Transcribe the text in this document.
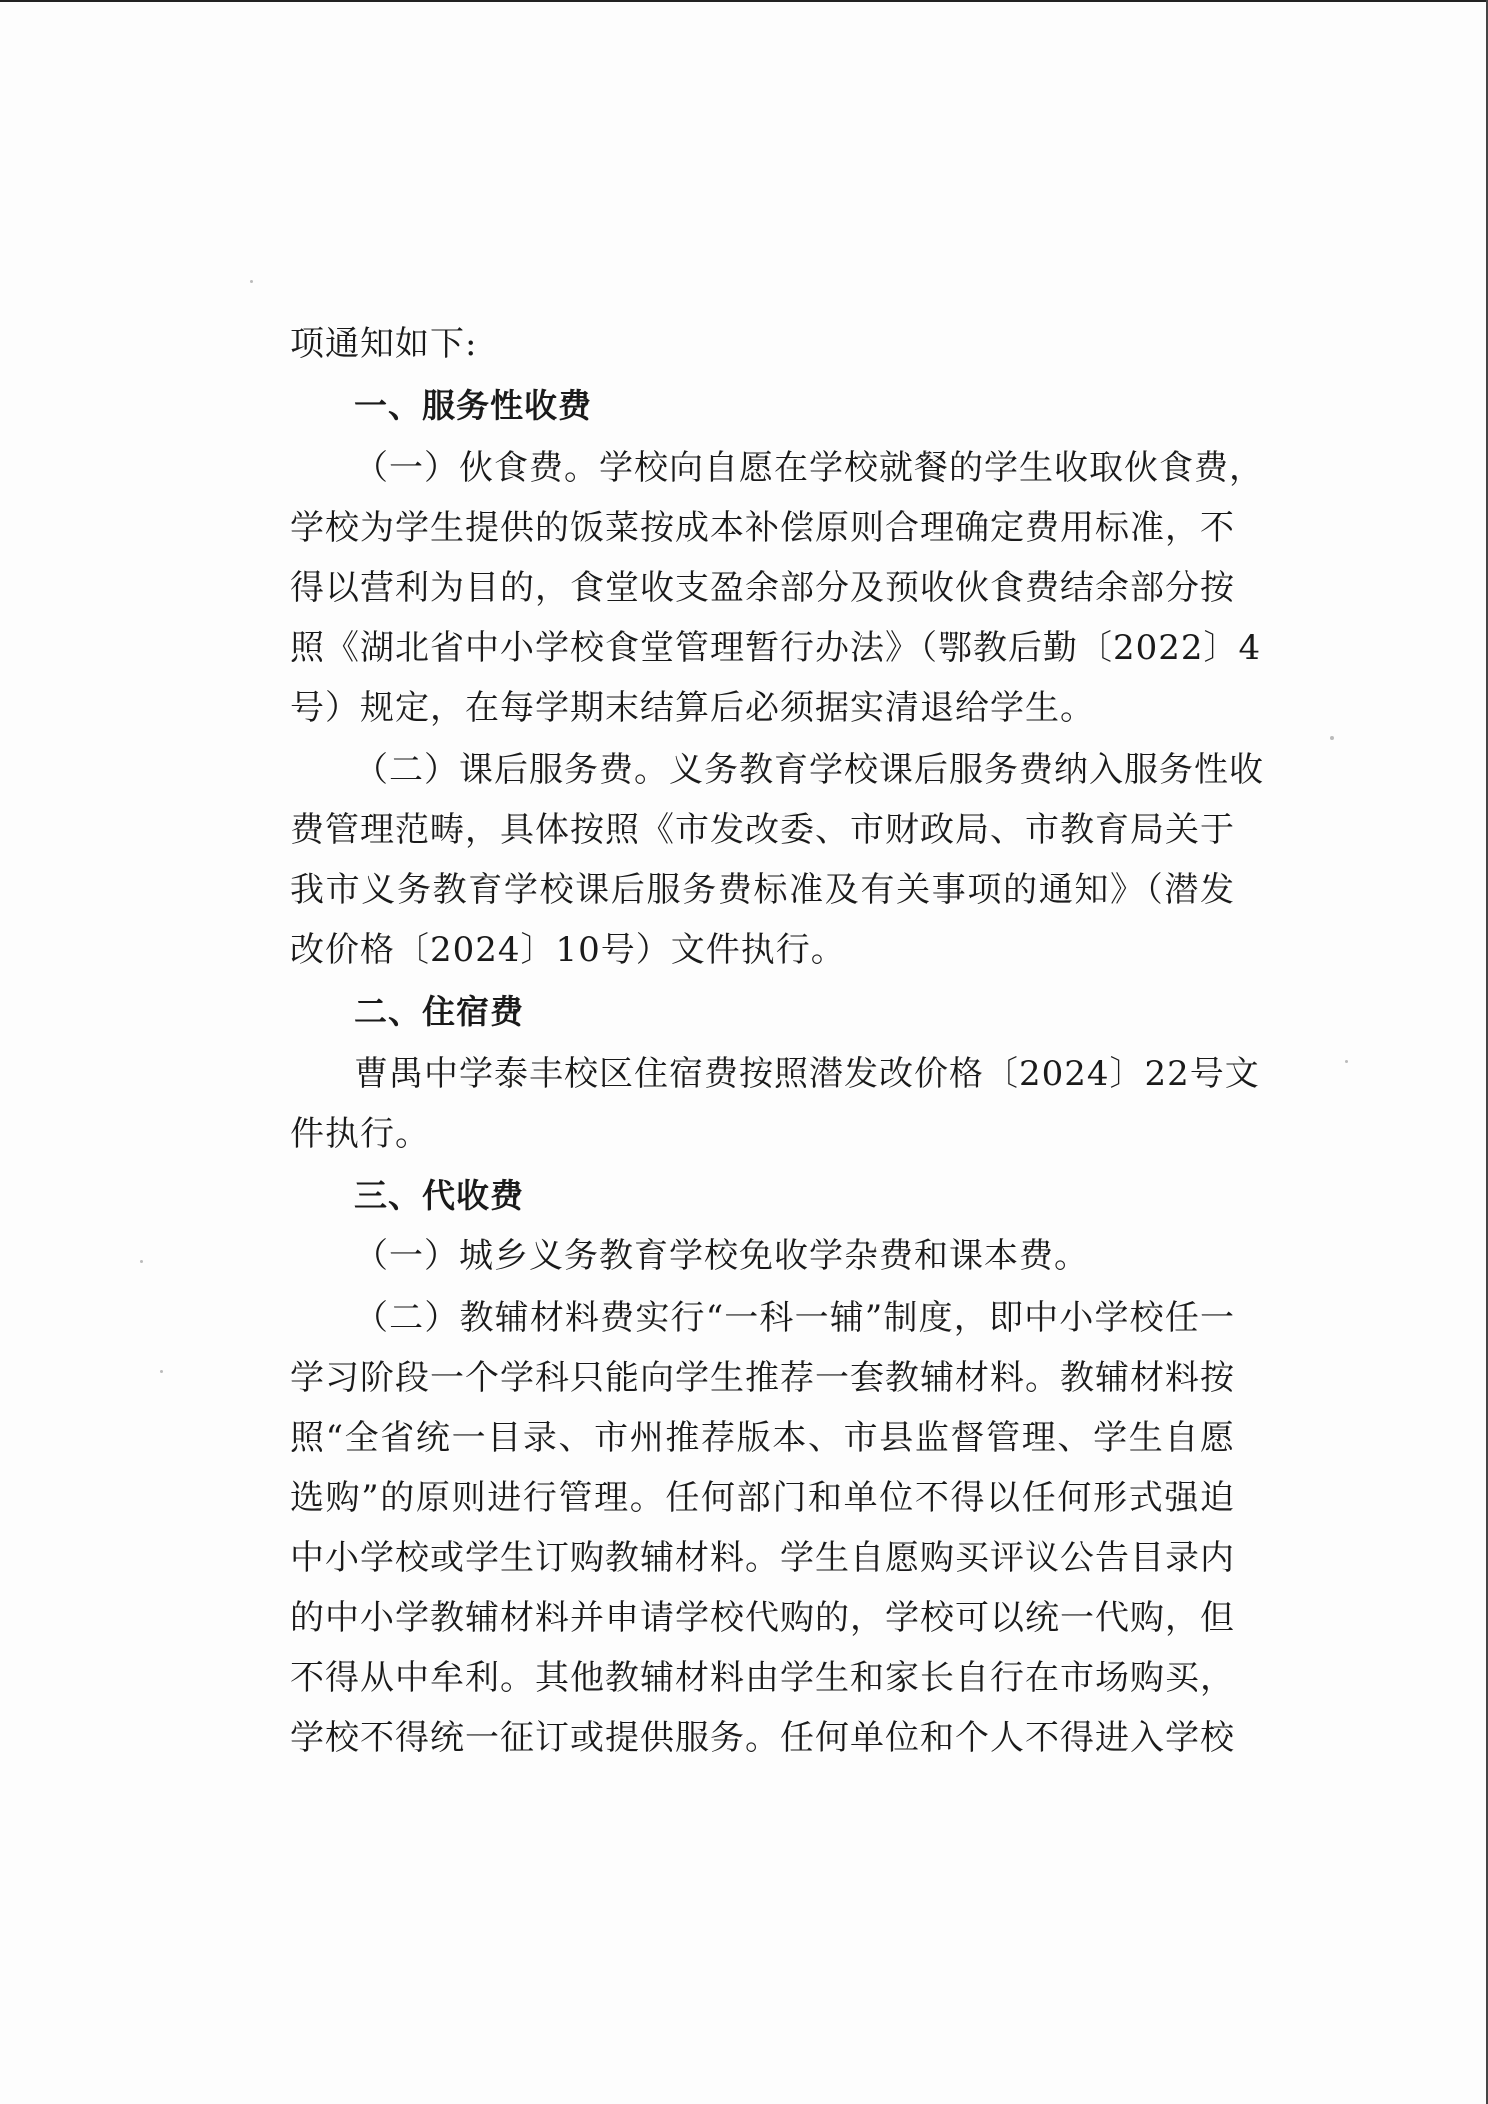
项通知如下:
一、服务性收费
（一）伙食费。学校向自愿在学校就餐的学生收取伙食费，
学校为学生提供的饭菜按成本补偿原则合理确定费用标准，不
得以营利为目的，食堂收支盈余部分及预收伙食费结余部分按
照《湖北省中小学校食堂管理暂行办法》（鄂教后勤〔2022〕4
号）规定，在每学期末结算后必须据实清退给学生。
（二）课后服务费。义务教育学校课后服务费纳入服务性收
费管理范畴，具体按照《市发改委、市财政局、市教育局关于
我市义务教育学校课后服务费标准及有关事项的通知》（潜发
改价格〔2024〕10号）文件执行。
二、住宿费
曹禺中学泰丰校区住宿费按照潜发改价格〔2024〕22号文
件执行。
三、代收费
（一）城乡义务教育学校免收学杂费和课本费。
（二）教辅材料费实行“一科一辅”制度，即中小学校任一
学习阶段一个学科只能向学生推荐一套教辅材料。教辅材料按
照“全省统一目录、市州推荐版本、市县监督管理、学生自愿
选购”的原则进行管理。任何部门和单位不得以任何形式强迫
中小学校或学生订购教辅材料。学生自愿购买评议公告目录内
的中小学教辅材料并申请学校代购的，学校可以统一代购，但
不得从中牟利。其他教辅材料由学生和家长自行在市场购买，
学校不得统一征订或提供服务。任何单位和个人不得进入学校
